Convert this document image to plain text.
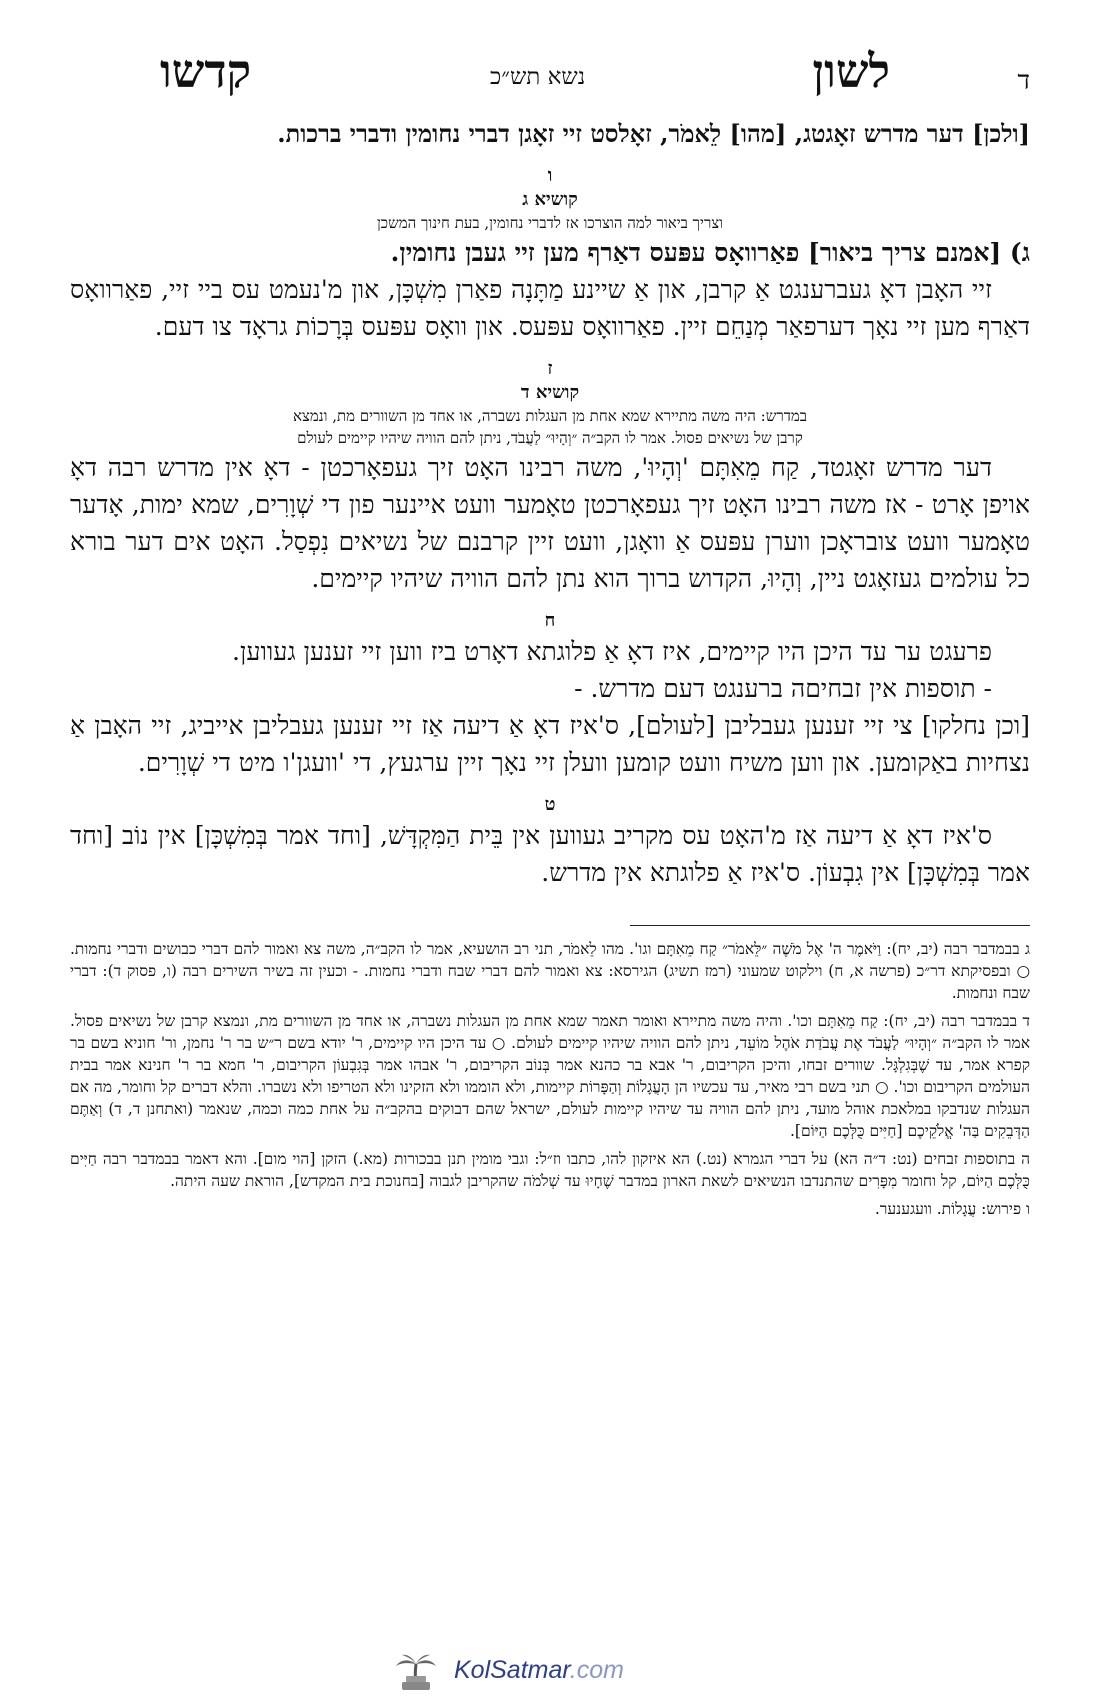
ד
לשון
נשא תש״כ
קדשו

[ולכן] דער מדרש זאָגטג, [מהו] לֵאמֹר, זאָלסט זיי זאָגן דברי נחומין ודברי ברכות.

ו
קושיא ג
וצריך ביאור למה הוצרכו אז לדברי נחומין, בעת חינוך המשכן

ג) [אמנם צריך ביאור] פאַרוואָס עפּעס דאַרף מען זיי געבן נחומין.

זיי האָבן דאָ געברענגט אַ קרבן, און אַ שיינע מַתָּנָה פאַרן מִשְׁכָּן, און מ'נעמט עס ביי זיי, פאַרוואָס דאַרף מען זיי נאָך דערפאַר מְנַחֵם זיין. פאַרוואָס עפּעס. און וואָס עפּעס בְּרָכוֹת גראָד צו דעם.

ז
קושיא ד
במדרש: היה משה מתיירא שמא אחת מן העגלות נשברה, או אחד מן השוורים מת, ונמצא
קרבן של נשיאים פסול. אמר לו הקב״ה ״וְהָיוּ״ לַעֲבֹד, ניתן להם הוויה שיהיו קיימים לעולם

דער מדרש זאָגטד, קַח מֵאִתָּם 'וְהָיוּ', משה רבינו האָט זיך געפאָרכטן - דאָ אין מדרש רבה דאָ אויפן אָרט - אז משה רבינו האָט זיך געפאָרכטן טאָמער וועט איינער פון די שְׁוָרִים, שמא ימות, אָדער טאָמער וועט צובראָכן ווערן עפּעס אַ וואָגן, וועט זיין קרבנם של נשיאים נִפְסַל. האָט אים דער בורא כל עולמים געזאָגט ניין, וְהָיוּ, הקדוש ברוך הוא נתן להם הוויה שיהיו קיימים.

ח

פרעגט ער עד היכן היו קיימים, איז דאָ אַ פלוגתא דאָרט ביז ווען זיי זענען געווען.

- תוספות אין זבחיםה ברענגט דעם מדרש. -

[וכן נחלקו] צי זיי זענען געבליבן [לעולם], ס'איז דאָ אַ דיעה אַז זיי זענען געבליבן אייביג, זיי האָבן אַ נצחיות באַקומען. און ווען משיח וועט קומען וועלן זיי נאָך זיין ערגעץ, די 'וועגן'ו מיט די שְׁוָרִים.

ט

ס'איז דאָ אַ דיעה אַז מ'האָט עס מקריב געווען אין בֵּית הַמִּקְדָּשׁ, [וחד אמר בְּמִשְׁכָּן] אין נוֹב [וחד אמר בְּמִשְׁכָּן] אין גִבְעוֹן. ס'איז אַ פלוגתא אין מדרש.

ג בבמדבר רבה (יב, יח): וַיֹּאמֶר ה' אֶל מֹשֶׁה ״לֵּאמֹר״ קַח מֵאִתָּם וגו'. מהו לֵאמֹר, תני רב הושעיא, אמר לו הקב״ה, משה צא ואמור להם דברי כבושים ודברי נחמות. ○ ובפסיקתא דר״כ (פרשה א, ח) וילקוט שמעוני (רמז תשיג) הגירסא: צא ואמור להם דברי שבח ודברי נחמות. - וכעין זה בשיר השירים רבה (ו, פסוק ד): דברי שבח ונחמות.

ד בבמדבר רבה (יב, יח): קַח מֵאִתָּם וכו'. והיה משה מתיירא ואומר תאמר שמא אחת מן העגלות נשברה, או אחד מן השוורים מת, ונמצא קרבן של נשיאים פסול. אמר לו הקב״ה ״וְהָיוּ״ לַעֲבֹד אֶת עֲבֹדַת אֹהֶל מוֹעֵד, ניתן להם הוויה שיהיו קיימים לעולם. ○ עד היכן היו קיימים, ר' יודא בשם ר״ש בר ר' נחמן, ור' חוניא בשם בר קפרא אמר, עד שֶׁבְּגִלְגָּל. שוורים זבחו, והיכן הקריבום, ר' אבא בר כהנא אמר בְּנוֹב הקריבום, ר' אבהו אמר בְּגִבְעוֹן הקריבום, ר' חמא בר ר' חנינא אמר בבית העולמים הקריבום וכו'. ○ תני בשם רבי מאיר, עד עכשיו הן הָעֲגָלוֹת וְהַפָּרוֹת קיימות, ולא הוממו ולא הזקינו ולא הטריפו ולא נשברו. והלא דברים קל וחומר, מה אם העגלות שנדבקו במלאכת אוהל מועד, ניתן להם הוויה עד שיהיו קיימות לעולם, ישראל שהם דבוקים בהקב״ה על אחת כמה וכמה, שנאמר (ואתחנן ד, ד) וְאַתֶּם הַדְּבֵקִים בַּה' אֱלֹקֵיכֶם [חַיִּים כֻּלְּכֶם הַיּוֹם].

ה בתוספות זבחים (נט: ד״ה הא) על דברי הגמרא (נט.) הא איזקון להו, כתבו וז״ל: וגבי מומין תנן בבכורות (מא.) הזקן [הוי מום]. והא דאמר בבמדבר רבה חַיִּים כֻּלְּכֶם הַיּוֹם, קל וחומר מִפָּרִים שהתנדבו הנשיאים לשאת הארון במדבר שֶׁחָיוּ עד שְׁלֹמֹה שהקריבן לגבוה [בחנוכת בית המקדש], הוראת שעה היתה.

ו פירוש: עֲגָלוֹת. וועגענער.

KolSatmar.com
